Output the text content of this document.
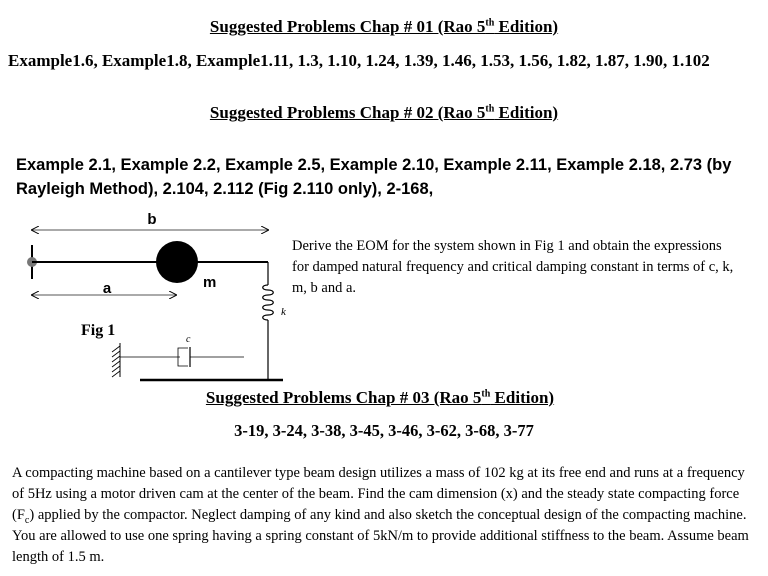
Suggested Problems Chap # 01 (Rao 5th Edition)
Example1.6, Example1.8, Example1.11, 1.3, 1.10, 1.24, 1.39, 1.46, 1.53, 1.56, 1.82, 1.87, 1.90, 1.102
Suggested Problems Chap # 02 (Rao 5th Edition)
Example 2.1, Example 2.2, Example 2.5, Example 2.10, Example 2.11, Example 2.18, 2.73 (by Rayleigh Method), 2.104, 2.112 (Fig 2.110 only), 2-168,
b
m
a
k
Fig 1
c
Derive the EOM for the system shown in Fig 1 and obtain the expressions for damped natural frequency and critical damping constant in terms of c, k, m, b and a.
Suggested Problems Chap # 03 (Rao 5th Edition)
3-19, 3-24, 3-38, 3-45, 3-46, 3-62, 3-68, 3-77
A compacting machine based on a cantilever type beam design utilizes a mass of 102 kg at its free end and runs at a frequency of 5Hz using a motor driven cam at the center of the beam. Find the cam dimension (x) and the steady state compacting force $(F_c)$ applied by the compactor. Neglect damping of any kind and also sketch the conceptual design of the compacting machine. You are allowed to use one spring having a spring constant of 5kN/m to provide additional stiffness to the beam. Assume beam length of 1.5 m.
